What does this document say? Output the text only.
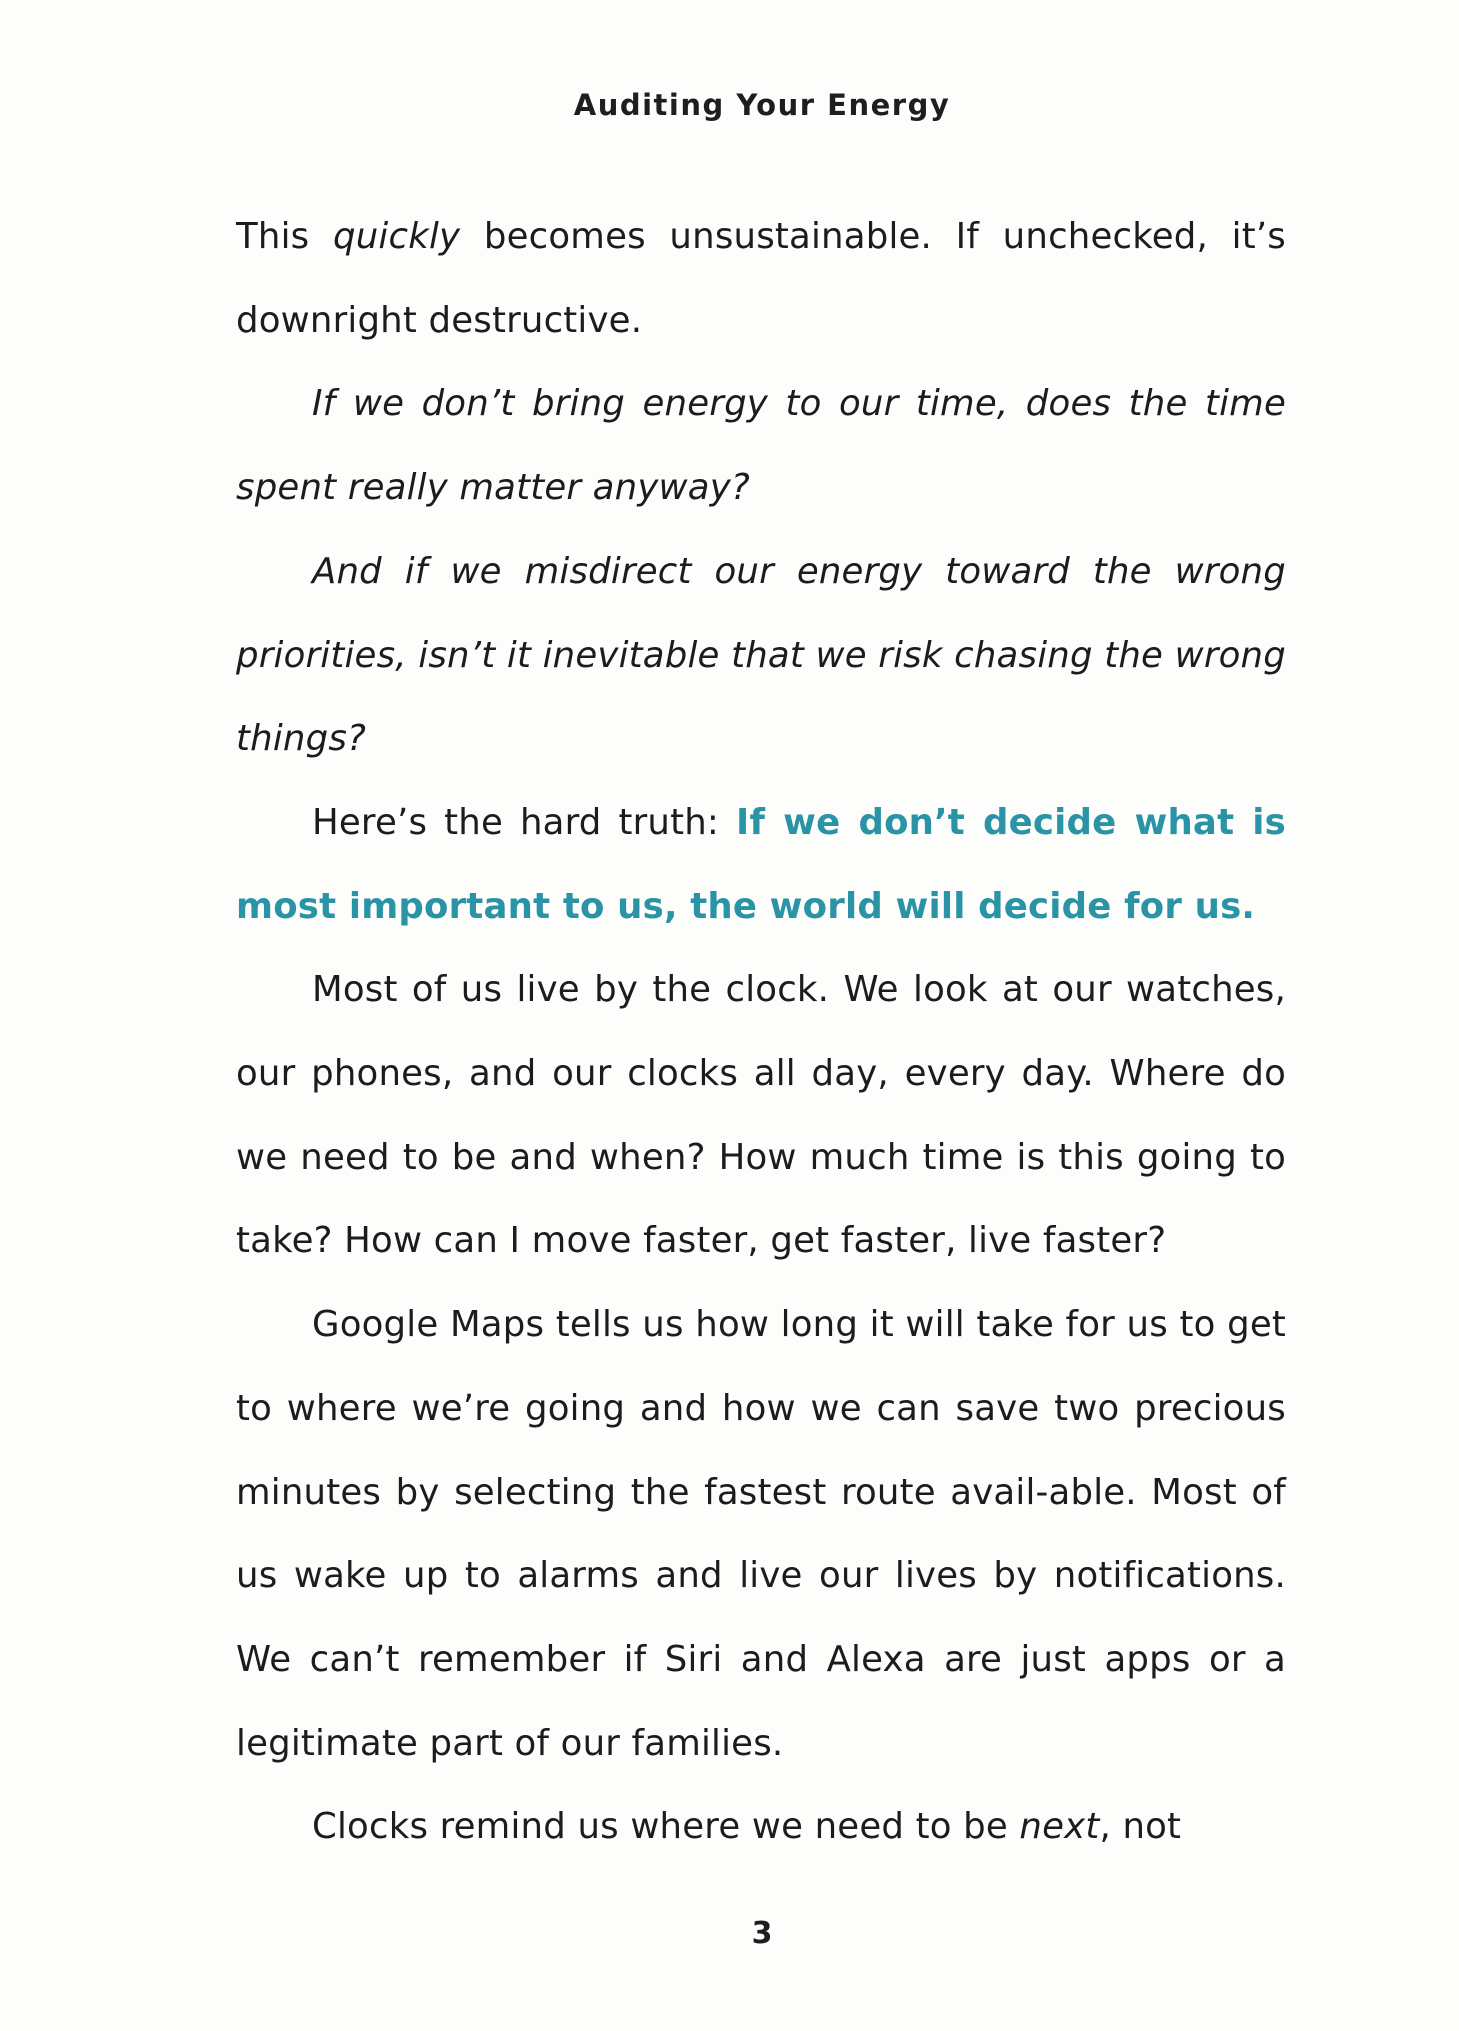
Auditing Your Energy

This quickly becomes unsustainable. If unchecked, it’s downright destructive.

If we don’t bring energy to our time, does the time spent really matter anyway?

And if we misdirect our energy toward the wrong priorities, isn’t it inevitable that we risk chasing the wrong things?

Here’s the hard truth: If we don’t decide what is most important to us, the world will decide for us.

Most of us live by the clock. We look at our watches, our phones, and our clocks all day, every day. Where do we need to be and when? How much time is this going to take? How can I move faster, get faster, live faster?

Google Maps tells us how long it will take for us to get to where we’re going and how we can save two precious minutes by selecting the fastest route avail-able. Most of us wake up to alarms and live our lives by notifications. We can’t remember if Siri and Alexa are just apps or a legitimate part of our families.

Clocks remind us where we need to be next, not

3
